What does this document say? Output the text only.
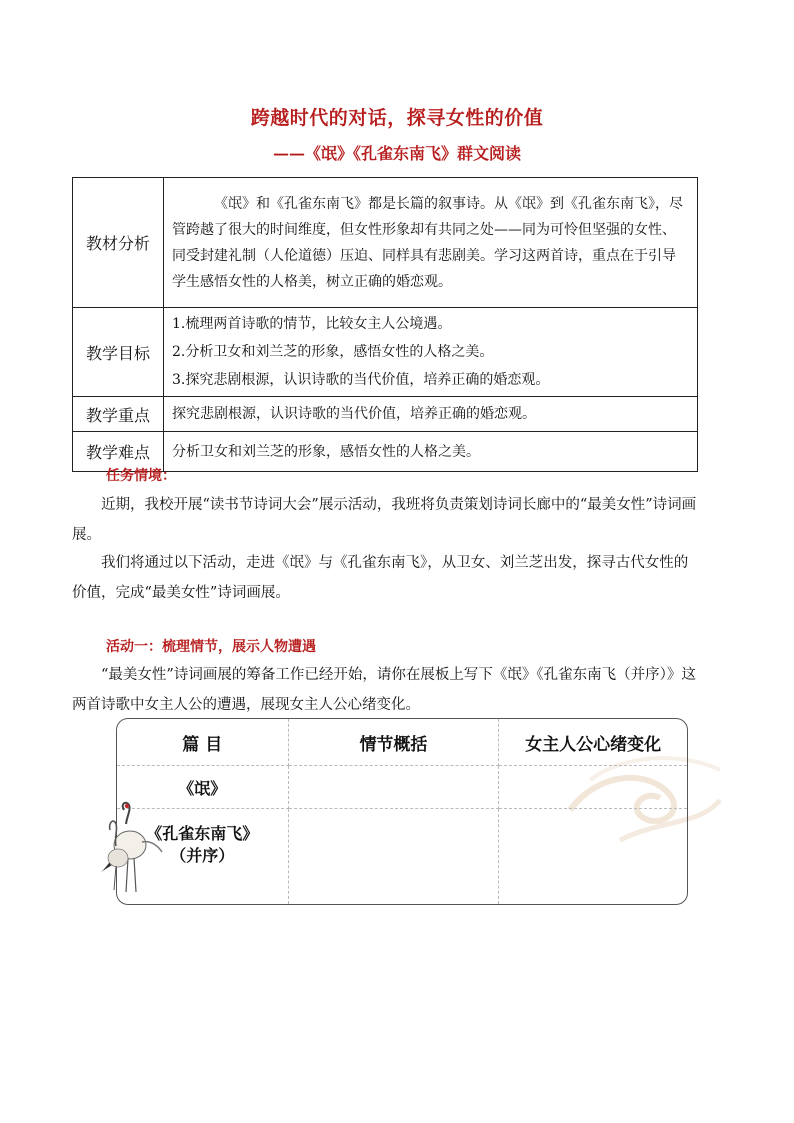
跨越时代的对话，探寻女性的价值
——《氓》《孔雀东南飞》群文阅读
教材分析	《氓》和《孔雀东南飞》都是长篇的叙事诗。从《氓》到《孔雀东南飞》，尽管跨越了很大的时间维度，但女性形象却有共同之处——同为可怜但坚强的女性、同受封建礼制（人伦道德）压迫、同样具有悲剧美。学习这两首诗，重点在于引导学生感悟女性的人格美，树立正确的婚恋观。

教学目标	1.梳理两首诗歌的情节，比较女主人公境遇。
2.分析卫女和刘兰芝的形象，感悟女性的人格之美。
3.探究悲剧根源，认识诗歌的当代价值，培养正确的婚恋观。

教学重点	探究悲剧根源，认识诗歌的当代价值，培养正确的婚恋观。

教学难点	分析卫女和刘兰芝的形象，感悟女性的人格之美。
任务情境：

近期，我校开展“读书节诗词大会”展示活动，我班将负责策划诗词长廊中的“最美女性”诗词画展。

我们将通过以下活动，走进《氓》与《孔雀东南飞》，从卫女、刘兰芝出发，探寻古代女性的价值，完成“最美女性”诗词画展。

活动一：梳理情节，展示人物遭遇

“最美女性”诗词画展的筹备工作已经开始，请你在展板上写下《氓》《孔雀东南飞（并序）》这两首诗歌中女主人公的遭遇，展现女主人公心绪变化。

篇 目	情节概括	女主人公心绪变化
《氓》		

《孔雀东南飞》
（并序）		
